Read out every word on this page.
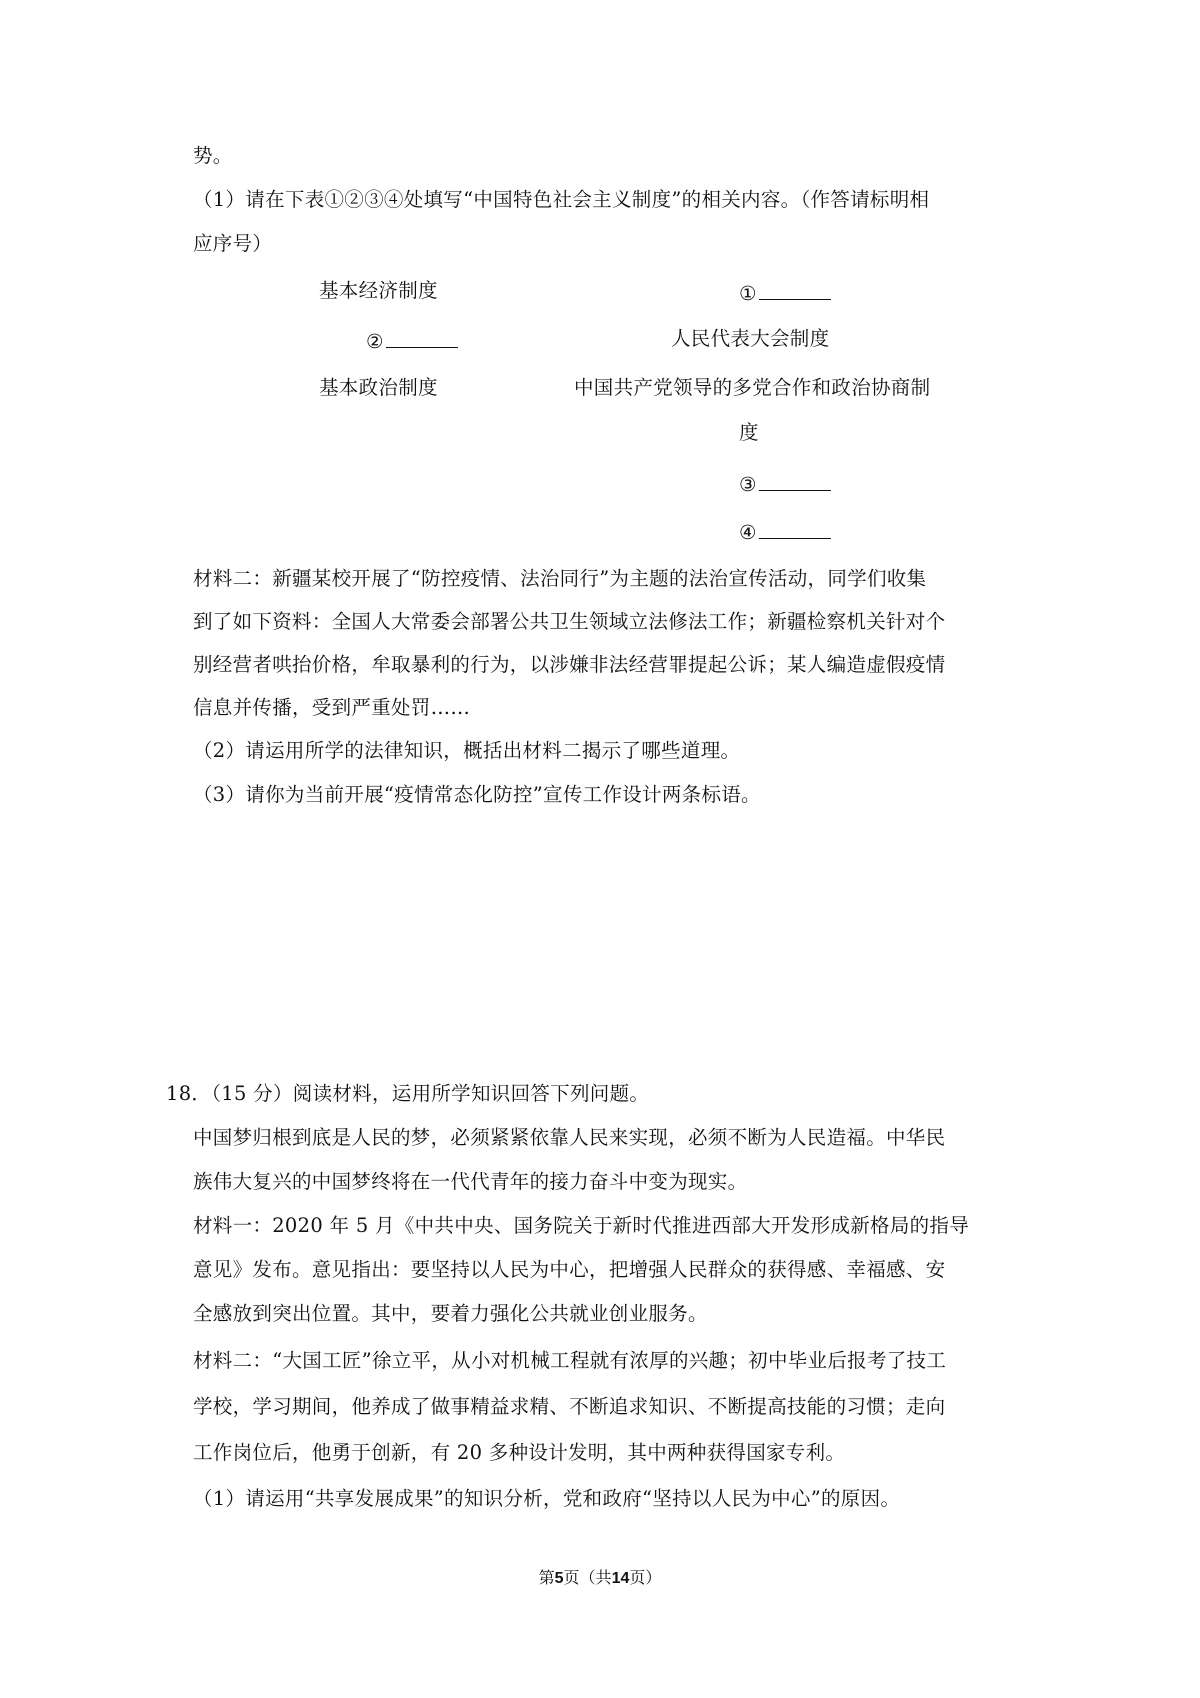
势。
（1）请在下表①②③④处填写“中国特色社会主义制度”的相关内容。（作答请标明相
应序号）
基本经济制度	①
②	人民代表大会制度
基本政治制度	中国共产党领导的多党合作和政治协商制
度
③
④
材料二：新疆某校开展了“防控疫情、法治同行”为主题的法治宣传活动，同学们收集
到了如下资料：全国人大常委会部署公共卫生领域立法修法工作；新疆检察机关针对个
别经营者哄抬价格，牟取暴利的行为，以涉嫌非法经营罪提起公诉；某人编造虚假疫情
信息并传播，受到严重处罚……
（2）请运用所学的法律知识，概括出材料二揭示了哪些道理。
（3）请你为当前开展“疫情常态化防控”宣传工作设计两条标语。
18．（15 分）阅读材料，运用所学知识回答下列问题。
中国梦归根到底是人民的梦，必须紧紧依靠人民来实现，必须不断为人民造福。中华民
族伟大复兴的中国梦终将在一代代青年的接力奋斗中变为现实。
材料一：2020 年 5 月《中共中央、国务院关于新时代推进西部大开发形成新格局的指导
意见》发布。意见指出：要坚持以人民为中心，把增强人民群众的获得感、幸福感、安
全感放到突出位置。其中，要着力强化公共就业创业服务。
材料二：“大国工匠”徐立平，从小对机械工程就有浓厚的兴趣；初中毕业后报考了技工
学校，学习期间，他养成了做事精益求精、不断追求知识、不断提高技能的习惯；走向
工作岗位后，他勇于创新，有 20 多种设计发明，其中两种获得国家专利。
（1）请运用“共享发展成果”的知识分析，党和政府“坚持以人民为中心”的原因。
第5页（共14页）
